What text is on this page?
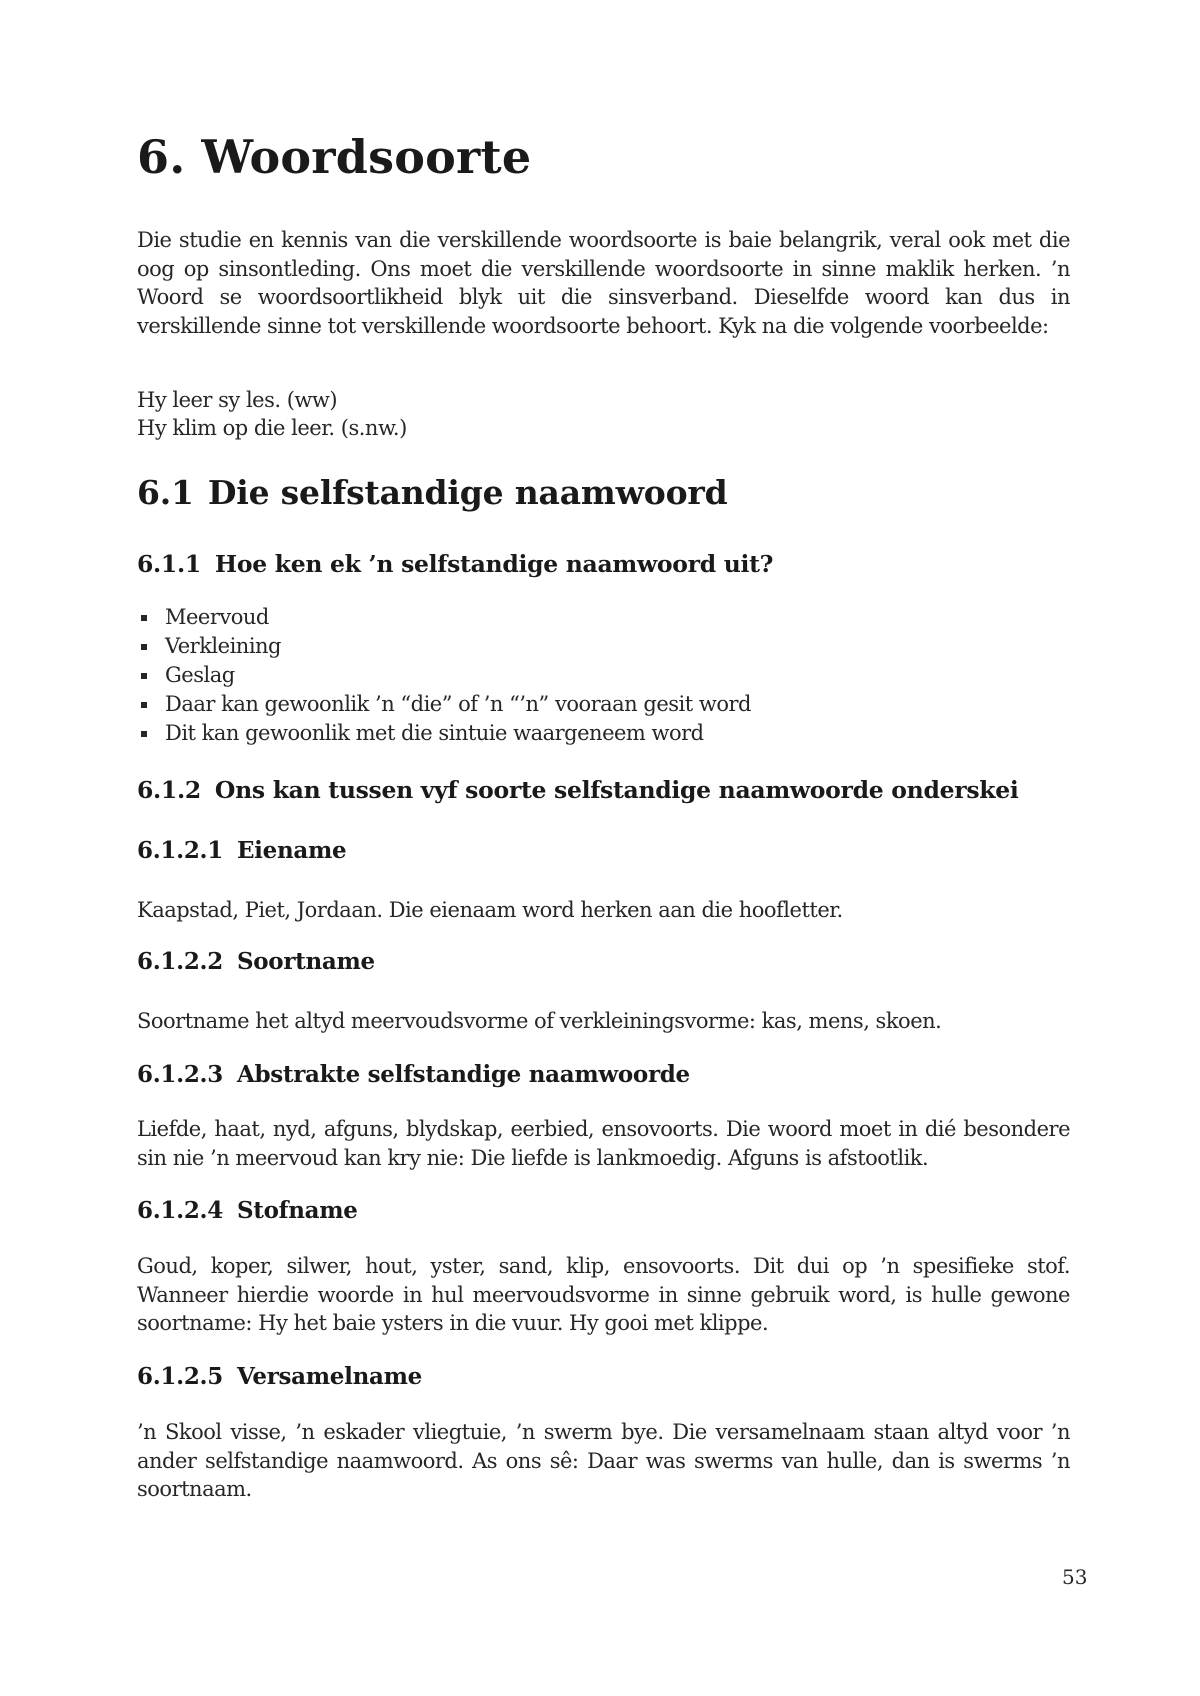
6. Woordsoorte

Die studie en kennis van die verskillende woordsoorte is baie belangrik, veral ook met die oog op sinsontleding. Ons moet die verskillende woordsoorte in sinne maklik herken. ’n Woord se woordsoortlikheid blyk uit die sinsverband. Dieselfde woord kan dus in verskillende sinne tot verskillende woordsoorte behoort. Kyk na die volgende voorbeelde:

Hy leer sy les. (ww)

Hy klim op die leer. (s.nw.)

6.1 Die selfstandige naamwoord
6.1.1 Hoe ken ek ’n selfstandige naamwoord uit?
Meervoud
Verkleining
Geslag
Daar kan gewoonlik ’n “die” of ’n “’n” vooraan gesit word
Dit kan gewoonlik met die sintuie waargeneem word
6.1.2 Ons kan tussen vyf soorte selfstandige naamwoorde onderskei
6.1.2.1 Eiename

Kaapstad, Piet, Jordaan. Die eienaam word herken aan die hoofletter.

6.1.2.2 Soortname

Soortname het altyd meervoudsvorme of verkleiningsvorme: kas, mens, skoen.

6.1.2.3 Abstrakte selfstandige naamwoorde

Liefde, haat, nyd, afguns, blydskap, eerbied, ensovoorts. Die woord moet in dié besondere sin nie ’n meervoud kan kry nie: Die liefde is lankmoedig. Afguns is afstootlik.

6.1.2.4 Stofname

Goud, koper, silwer, hout, yster, sand, klip, ensovoorts. Dit dui op ’n spesifieke stof. Wanneer hierdie woorde in hul meervoudsvorme in sinne gebruik word, is hulle gewone soortname: Hy het baie ysters in die vuur. Hy gooi met klippe.

6.1.2.5 Versamelname

’n Skool visse, ’n eskader vliegtuie, ’n swerm bye. Die versamelnaam staan altyd voor ’n ander selfstandige naamwoord. As ons sê: Daar was swerms van hulle, dan is swerms ’n soortnaam.

53
